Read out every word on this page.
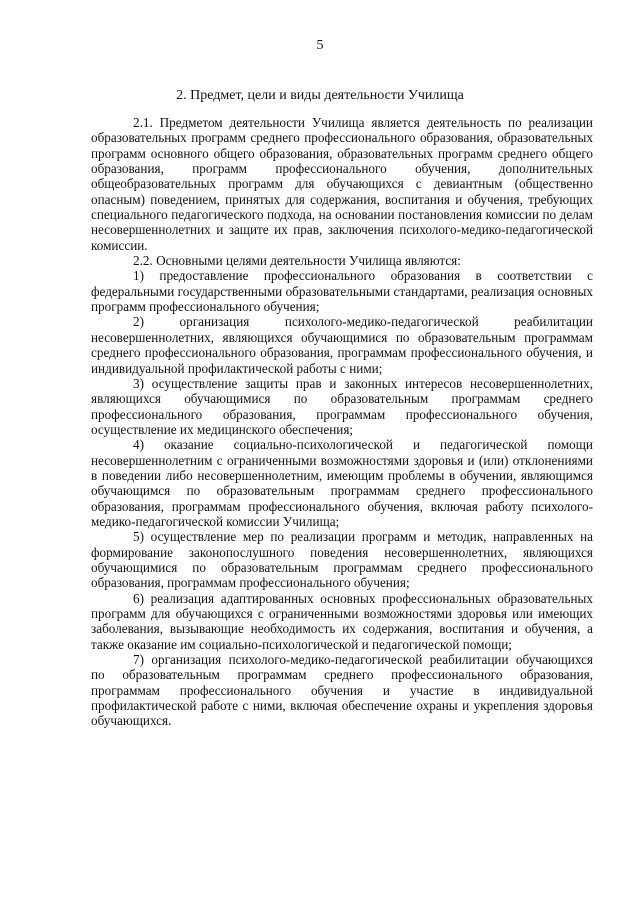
5
2. Предмет, цели и виды деятельности Училища

2.1. Предметом деятельности Училища является деятельность по реализации образовательных программ среднего профессионального образования, образовательных программ основного общего образования, образовательных программ среднего общего образования, программ профессионального обучения, дополнительных общеобразовательных программ для обучающихся с девиантным (общественно опасным) поведением, принятых для содержания, воспитания и обучения, требующих специального педагогического подхода, на основании постановления комиссии по делам несовершеннолетних и защите их прав, заключения психолого-медико-педагогической комиссии.

2.2. Основными целями деятельности Училища являются:

1) предоставление профессионального образования в соответствии с федеральными государственными образовательными стандартами, реализация основных программ профессионального обучения;

2) организация психолого-медико-педагогической реабилитации несовершеннолетних, являющихся обучающимися по образовательным программам среднего профессионального образования, программам профессионального обучения, и индивидуальной профилактической работы с ними;

3) осуществление защиты прав и законных интересов несовершеннолетних, являющихся обучающимися по образовательным программам среднего профессионального образования, программам профессионального обучения, осуществление их медицинского обеспечения;

4) оказание социально-психологической и педагогической помощи несовершеннолетним с ограниченными возможностями здоровья и (или) отклонениями в поведении либо несовершеннолетним, имеющим проблемы в обучении, являющимся обучающимся по образовательным программам среднего профессионального образования, программам профессионального обучения, включая работу психолого-медико-педагогической комиссии Училища;

5) осуществление мер по реализации программ и методик, направленных на формирование законопослушного поведения несовершеннолетних, являющихся обучающимися по образовательным программам среднего профессионального образования, программам профессионального обучения;

6) реализация адаптированных основных профессиональных образовательных программ для обучающихся с ограниченными возможностями здоровья или имеющих заболевания, вызывающие необходимость их содержания, воспитания и обучения, а также оказание им социально-психологической и педагогической помощи;

7) организация психолого-медико-педагогической реабилитации обучающихся по образовательным программам среднего профессионального образования, программам профессионального обучения и участие в индивидуальной профилактической работе с ними, включая обеспечение охраны и укрепления здоровья обучающихся.
